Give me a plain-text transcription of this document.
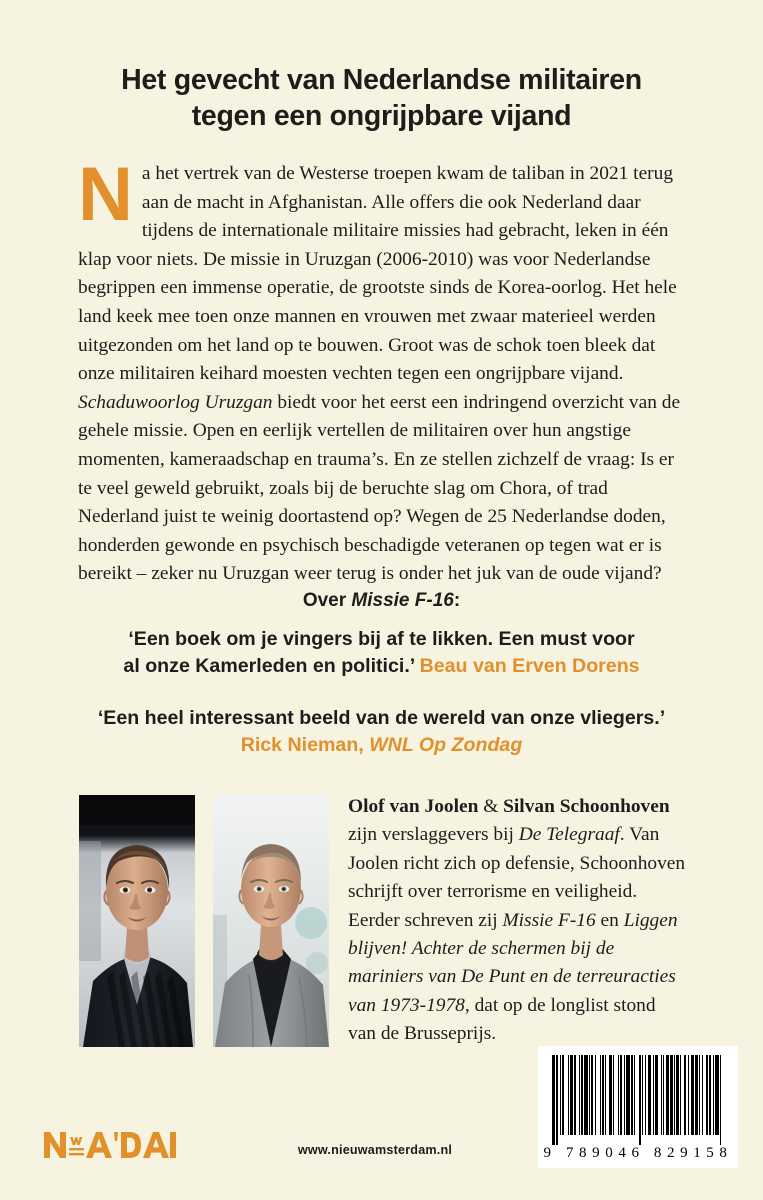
Het gevecht van Nederlandse militairen
tegen een ongrijpbare vijand
N a het vertrek van de Westerse troepen kwam de taliban in 2021 terug aan de macht in Afghanistan. Alle offers die ook Nederland daar tijdens de internationale militaire missies had gebracht, leken in één klap voor niets. De missie in Uruzgan (2006-2010) was voor Nederlandse begrippen een immense operatie, de grootste sinds de Korea-oorlog. Het hele land keek mee toen onze mannen en vrouwen met zwaar materieel werden uitgezonden om het land op te bouwen. Groot was de schok toen bleek dat onze militairen keihard moesten vechten tegen een ongrijpbare vijand.

Schaduwoorlog Uruzgan biedt voor het eerst een indringend overzicht van de gehele missie. Open en eerlijk vertellen de militairen over hun angstige momenten, kameraadschap en trauma’s. En ze stellen zichzelf de vraag: Is er te veel geweld gebruikt, zoals bij de beruchte slag om Chora, of trad Nederland juist te weinig doortastend op? Wegen de 25 Nederlandse doden, honderden gewonde en psychisch beschadigde veteranen op tegen wat er is bereikt – zeker nu Uruzgan weer terug is onder het juk van de oude vijand?

Over Missie F-16:
‘Een boek om je vingers bij af te likken. Een must voor
al onze Kamerleden en politici.’ Beau van Erven Dorens
‘Een heel interessant beeld van de wereld van onze vliegers.’
Rick Nieman, WNL Op Zondag
Olof van Joolen & Silvan Schoonhoven zijn verslaggevers bij De Telegraaf. Van Joolen richt zich op defensie, Schoonhoven schrijft over terrorisme en veiligheid. Eerder schreven zij Missie F-16 en Liggen blijven! Achter de schermen bij de mariniers van De Punt en de terreuracties van 1973-1978, dat op de longlist stond van de Brusseprijs.
www.nieuwamsterdam.nl	9 789046 829158
